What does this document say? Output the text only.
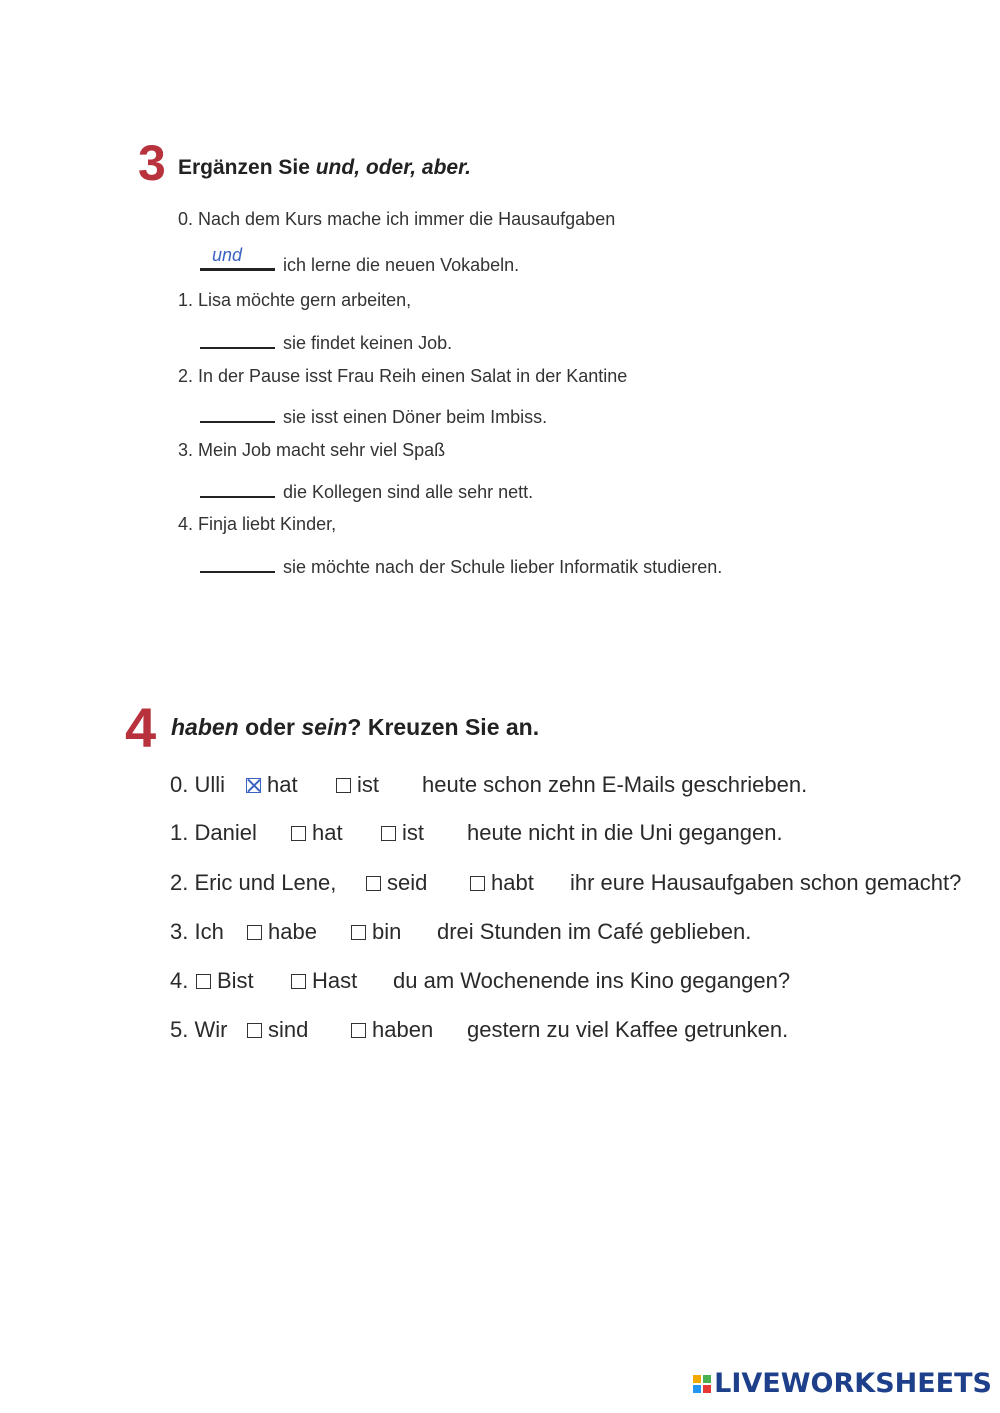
3 Ergänzen Sie und, oder, aber.
0. Nach dem Kurs mache ich immer die Hausaufgaben
und ich lerne die neuen Vokabeln.
1. Lisa möchte gern arbeiten,
sie findet keinen Job.
2. In der Pause isst Frau Reih einen Salat in der Kantine
sie isst einen Döner beim Imbiss.
3. Mein Job macht sehr viel Spaß
die Kollegen sind alle sehr nett.
4. Finja liebt Kinder,
sie möchte nach der Schule lieber Informatik studieren.
4 haben oder sein? Kreuzen Sie an.
0. Ulli	hat	ist heute schon zehn E-Mails geschrieben.
1. Daniel	hat	ist heute nicht in die Uni gegangen.
2. Eric und Lene,	seid	habt ihr eure Hausaufgaben schon gemacht?
3. Ich	habe	bin drei Stunden im Café geblieben.
4.	Bist	Hast du am Wochenende ins Kino gegangen?
5. Wir	sind	haben gestern zu viel Kaffee getrunken.
LIVEWORKSHEETS
